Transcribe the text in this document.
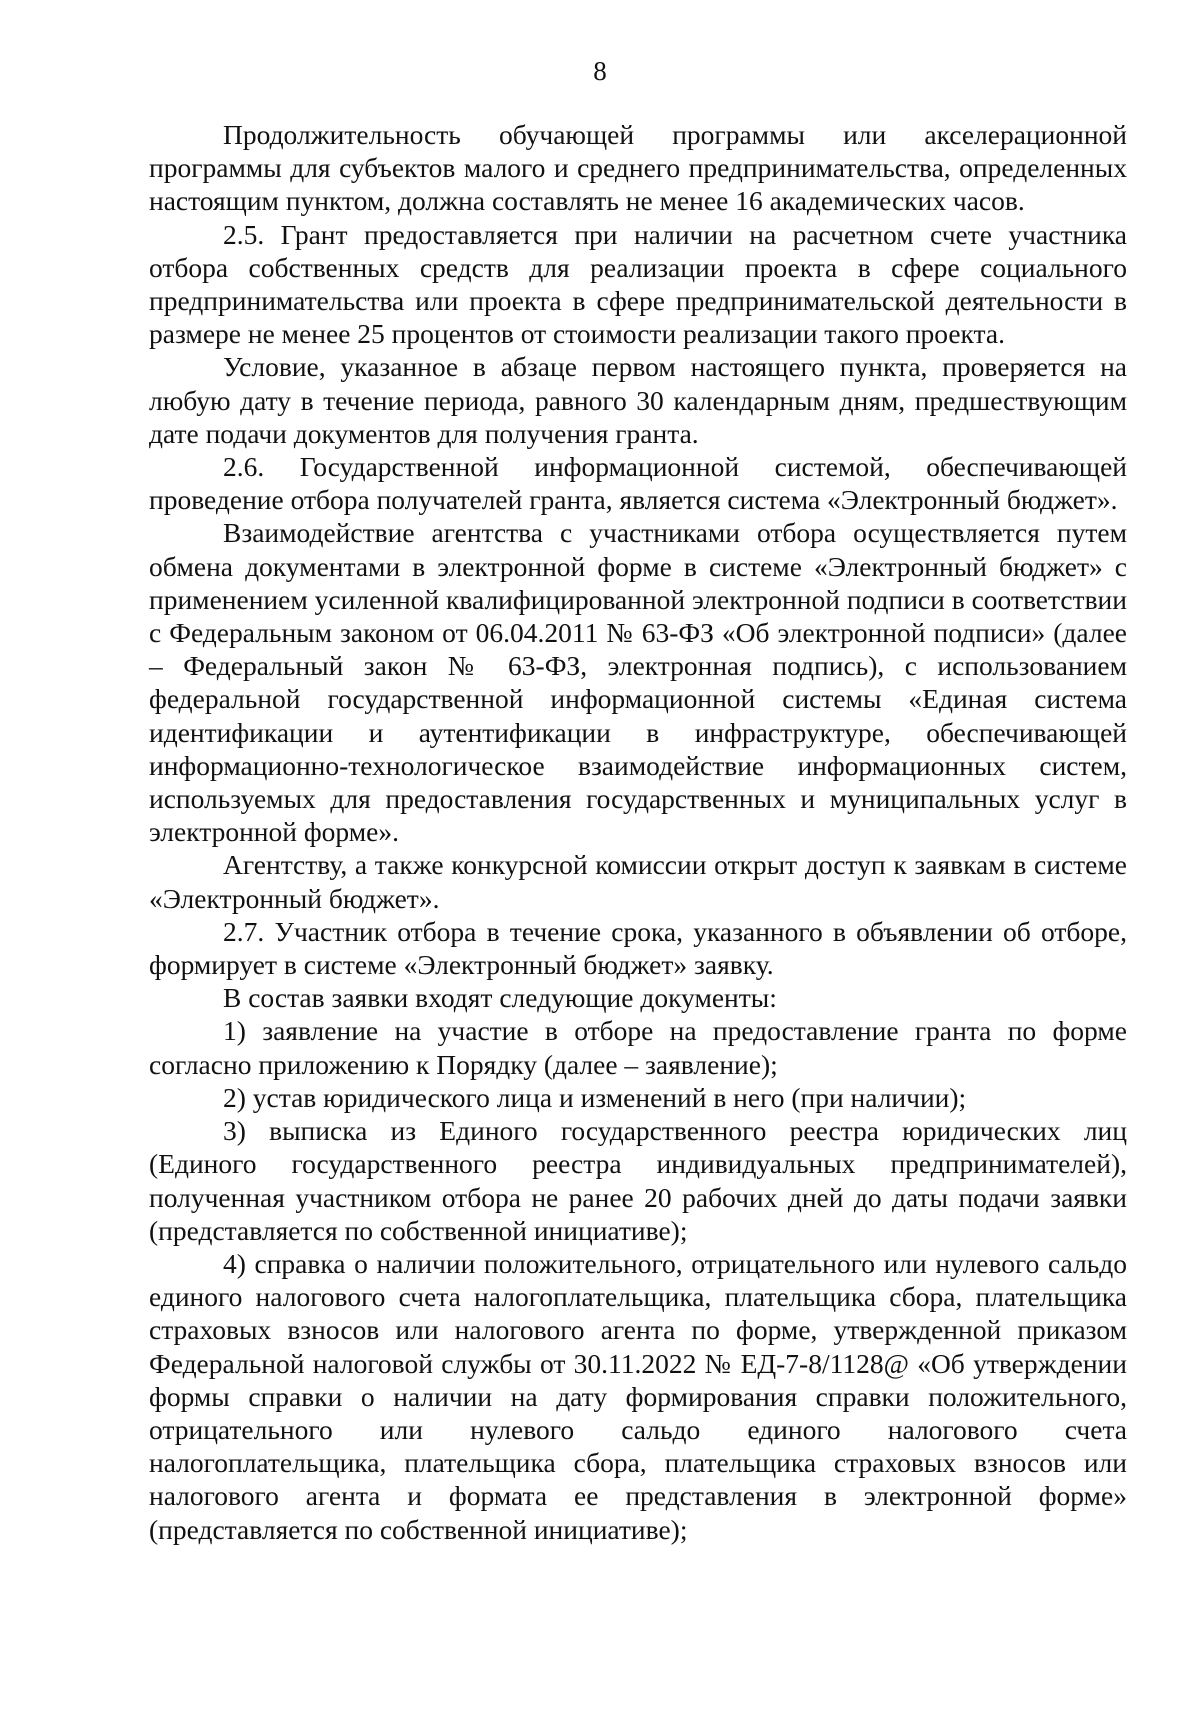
8

Продолжительность обучающей программы или акселерационной программы для субъектов малого и среднего предпринимательства, определенных настоящим пунктом, должна составлять не менее 16 академических часов.

2.5. Грант предоставляется при наличии на расчетном счете участника отбора собственных средств для реализации проекта в сфере социального предпринимательства или проекта в сфере предпринимательской деятельности в размере не менее 25 процентов от стоимости реализации такого проекта.

Условие, указанное в абзаце первом настоящего пункта, проверяется на любую дату в течение периода, равного 30 календарным дням, предшествующим дате подачи документов для получения гранта.

2.6. Государственной информационной системой, обеспечивающей проведение отбора получателей гранта, является система «Электронный бюджет».

Взаимодействие агентства с участниками отбора осуществляется путем обмена документами в электронной форме в системе «Электронный бюджет» с применением усиленной квалифицированной электронной подписи в соответствии с Федеральным законом от 06.04.2011 № 63-ФЗ «Об электронной подписи» (далее – Федеральный закон № 63-ФЗ, электронная подпись), с использованием федеральной государственной информационной системы «Единая система идентификации и аутентификации в инфраструктуре, обеспечивающей информационно-технологическое взаимодействие информационных систем, используемых для предоставления государственных и муниципальных услуг в электронной форме».

Агентству, а также конкурсной комиссии открыт доступ к заявкам в системе «Электронный бюджет».

2.7. Участник отбора в течение срока, указанного в объявлении об отборе, формирует в системе «Электронный бюджет» заявку.

В состав заявки входят следующие документы:

1) заявление на участие в отборе на предоставление гранта по форме согласно приложению к Порядку (далее – заявление);

2) устав юридического лица и изменений в него (при наличии);

3) выписка из Единого государственного реестра юридических лиц (Единого государственного реестра индивидуальных предпринимателей), полученная участником отбора не ранее 20 рабочих дней до даты подачи заявки (представляется по собственной инициативе);

4) справка о наличии положительного, отрицательного или нулевого сальдо единого налогового счета налогоплательщика, плательщика сбора, плательщика страховых взносов или налогового агента по форме, утвержденной приказом Федеральной налоговой службы от 30.11.2022 № ЕД-7-8/1128@ «Об утверждении формы справки о наличии на дату формирования справки положительного, отрицательного или нулевого сальдо единого налогового счета налогоплательщика, плательщика сбора, плательщика страховых взносов или налогового агента и формата ее представления в электронной форме» (представляется по собственной инициативе);
